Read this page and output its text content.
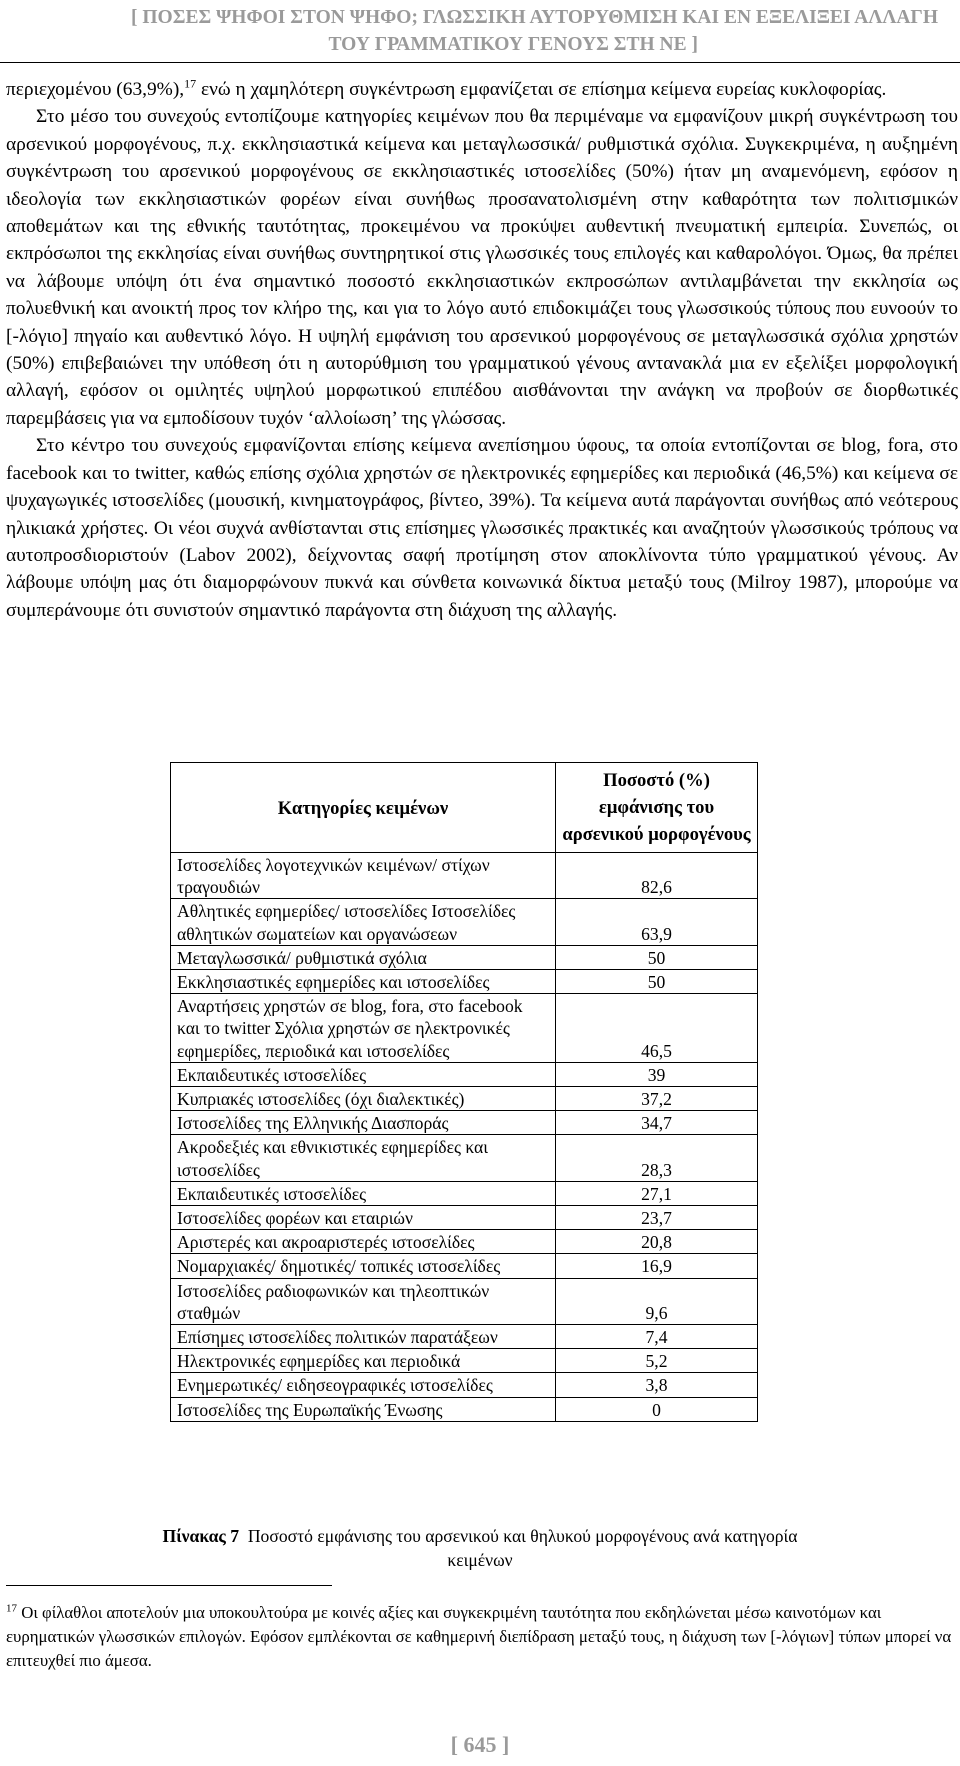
[ ΠΟΣΕΣ ΨΗΦΟΙ ΣΤΟΝ ΨΗΦΟ; ΓΛΩΣΣΙΚΗ ΑΥΤΟΡΥΘΜΙΣΗ ΚΑΙ ΕΝ ΕΞΕΛΙΞΕΙ ΑΛΛΑΓΗ
ΤΟΥ ΓΡΑΜΜΑΤΙΚΟΥ ΓΕΝΟΥΣ ΣΤΗ ΝΕ ]

περιεχομένου (63,9%),$^{17}$ ενώ η χαμηλότερη συγκέντρωση εμφανίζεται σε επίσημα κείμενα ευρείας κυκλοφορίας.

Στο μέσο του συνεχούς εντοπίζουμε κατηγορίες κειμένων που θα περιμέναμε να εμφανίζουν μικρή συγκέντρωση του αρσενικού μορφογένους, π.χ. εκκλησιαστικά κείμενα και μεταγλωσσικά/ ρυθμιστικά σχόλια. Συγκεκριμένα, η αυξημένη συγκέντρωση του αρσενικού μορφογένους σε εκκλησιαστικές ιστοσελίδες (50%) ήταν μη αναμενόμενη, εφόσον η ιδεολογία των εκκλησιαστικών φορέων είναι συνήθως προσανατολισμένη στην καθαρότητα των πολιτισμικών αποθεμάτων και της εθνικής ταυτότητας, προκειμένου να προκύψει αυθεντική πνευματική εμπειρία. Συνεπώς, οι εκπρόσωποι της εκκλησίας είναι συνήθως συντηρητικοί στις γλωσσικές τους επιλογές και καθαρολόγοι. Όμως, θα πρέπει να λάβουμε υπόψη ότι ένα σημαντικό ποσοστό εκκλησιαστικών εκπροσώπων αντιλαμβάνεται την εκκλησία ως πολυεθνική και ανοικτή προς τον κλήρο της, και για το λόγο αυτό επιδοκιμάζει τους γλωσσικούς τύπους που ευνοούν το [-λόγιο] πηγαίο και αυθεντικό λόγο. Η υψηλή εμφάνιση του αρσενικού μορφογένους σε μεταγλωσσικά σχόλια χρηστών (50%) επιβεβαιώνει την υπόθεση ότι η αυτορύθμιση του γραμματικού γένους αντανακλά μια εν εξελίξει μορφολογική αλλαγή, εφόσον οι ομιλητές υψηλού μορφωτικού επιπέδου αισθάνονται την ανάγκη να προβούν σε διορθωτικές παρεμβάσεις για να εμποδίσουν τυχόν ‘αλλοίωση’ της γλώσσας.

Στο κέντρο του συνεχούς εμφανίζονται επίσης κείμενα ανεπίσημου ύφους, τα οποία εντοπίζονται σε blog, fora, στο facebook και το twitter, καθώς επίσης σχόλια χρηστών σε ηλεκτρονικές εφημερίδες και περιοδικά (46,5%) και κείμενα σε ψυχαγωγικές ιστοσελίδες (μουσική, κινηματογράφος, βίντεο, 39%). Τα κείμενα αυτά παράγονται συνήθως από νεότερους ηλικιακά χρήστες. Οι νέοι συχνά ανθίστανται στις επίσημες γλωσσικές πρακτικές και αναζητούν γλωσσικούς τρόπους να αυτοπροσδιοριστούν (Labov 2002), δείχνοντας σαφή προτίμηση στον αποκλίνοντα τύπο γραμματικού γένους. Αν λάβουμε υπόψη μας ότι διαμορφώνουν πυκνά και σύνθετα κοινωνικά δίκτυα μεταξύ τους (Milroy 1987), μπορούμε να συμπεράνουμε ότι συνιστούν σημαντικό παράγοντα στη διάχυση της αλλαγής.

Κατηγορίες κειμένων	Ποσοστό (%) εμφάνισης του αρσενικού μορφογένους
Ιστοσελίδες λογοτεχνικών κειμένων/ στίχων τραγουδιών	82,6
Αθλητικές εφημερίδες/ ιστοσελίδες Ιστοσελίδες αθλητικών σωματείων και οργανώσεων	63,9
Μεταγλωσσικά/ ρυθμιστικά σχόλια	50
Εκκλησιαστικές εφημερίδες και ιστοσελίδες	50
Αναρτήσεις χρηστών σε blog, fora, στο facebook και το twitter Σχόλια χρηστών σε ηλεκτρονικές εφημερίδες, περιοδικά και ιστοσελίδες	46,5
Εκπαιδευτικές ιστοσελίδες	39
Κυπριακές ιστοσελίδες (όχι διαλεκτικές)	37,2
Ιστοσελίδες της Ελληνικής Διασποράς	34,7
Ακροδεξιές και εθνικιστικές εφημερίδες και ιστοσελίδες	28,3
Εκπαιδευτικές ιστοσελίδες	27,1
Ιστοσελίδες φορέων και εταιριών	23,7
Αριστερές και ακροαριστερές ιστοσελίδες	20,8
Νομαρχιακές/ δημοτικές/ τοπικές ιστοσελίδες	16,9
Ιστοσελίδες ραδιοφωνικών και τηλεοπτικών σταθμών	9,6
Επίσημες ιστοσελίδες πολιτικών παρατάξεων	7,4
Ηλεκτρονικές εφημερίδες και περιοδικά	5,2
Ενημερωτικές/ ειδησεογραφικές ιστοσελίδες	3,8
Ιστοσελίδες της Ευρωπαϊκής Ένωσης	0
Πίνακας 7 Ποσοστό εμφάνισης του αρσενικού και θηλυκού μορφογένους ανά κατηγορία κειμένων
$^{17}$ Οι φίλαθλοι αποτελούν μια υποκουλτούρα με κοινές αξίες και συγκεκριμένη ταυτότητα που εκδηλώνεται μέσω καινοτόμων και ευρηματικών γλωσσικών επιλογών. Εφόσον εμπλέκονται σε καθημερινή διεπίδραση μεταξύ τους, η διάχυση των [-λόγιων] τύπων μπορεί να επιτευχθεί πιο άμεσα.
[ 645 ]
